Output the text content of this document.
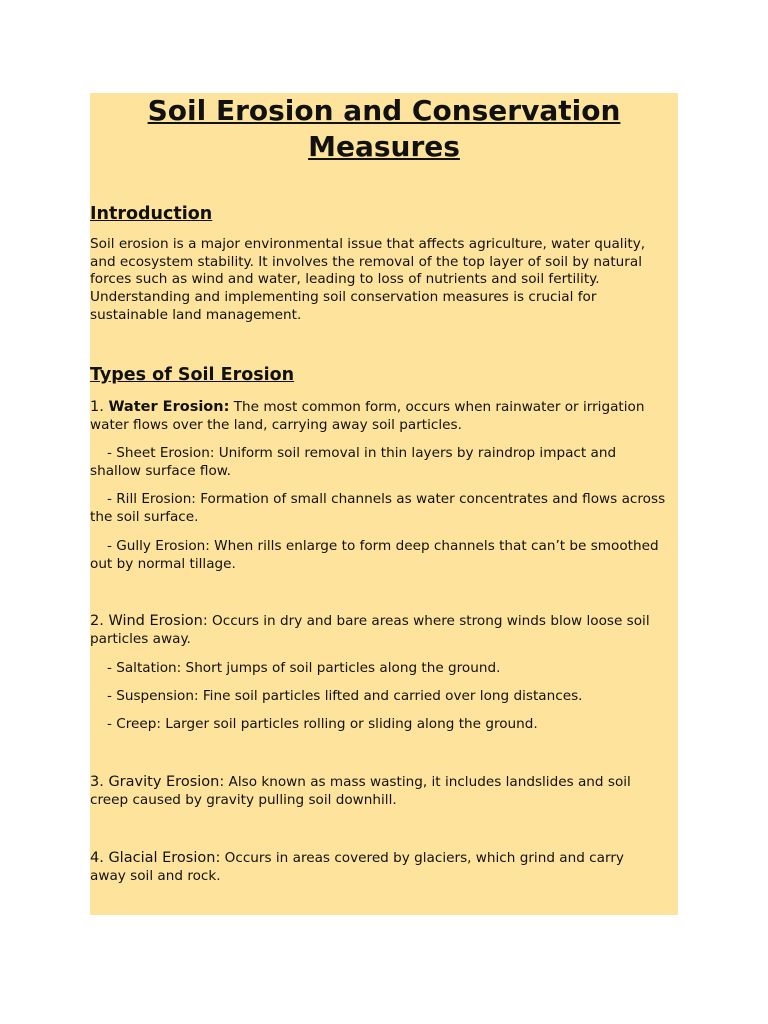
Soil Erosion and Conservation
Measures
Introduction
Soil erosion is a major environmental issue that affects agriculture, water quality,
and ecosystem stability. It involves the removal of the top layer of soil by natural
forces such as wind and water, leading to loss of nutrients and soil fertility.
Understanding and implementing soil conservation measures is crucial for
sustainable land management.
Types of Soil Erosion
1. Water Erosion: The most common form, occurs when rainwater or irrigation
water flows over the land, carrying away soil particles.
- Sheet Erosion: Uniform soil removal in thin layers by raindrop impact and
shallow surface flow.
- Rill Erosion: Formation of small channels as water concentrates and flows across
the soil surface.
- Gully Erosion: When rills enlarge to form deep channels that can’t be smoothed
out by normal tillage.
2. Wind Erosion: Occurs in dry and bare areas where strong winds blow loose soil
particles away.
- Saltation: Short jumps of soil particles along the ground.
- Suspension: Fine soil particles lifted and carried over long distances.
- Creep: Larger soil particles rolling or sliding along the ground.
3. Gravity Erosion: Also known as mass wasting, it includes landslides and soil
creep caused by gravity pulling soil downhill.
4. Glacial Erosion: Occurs in areas covered by glaciers, which grind and carry
away soil and rock.
